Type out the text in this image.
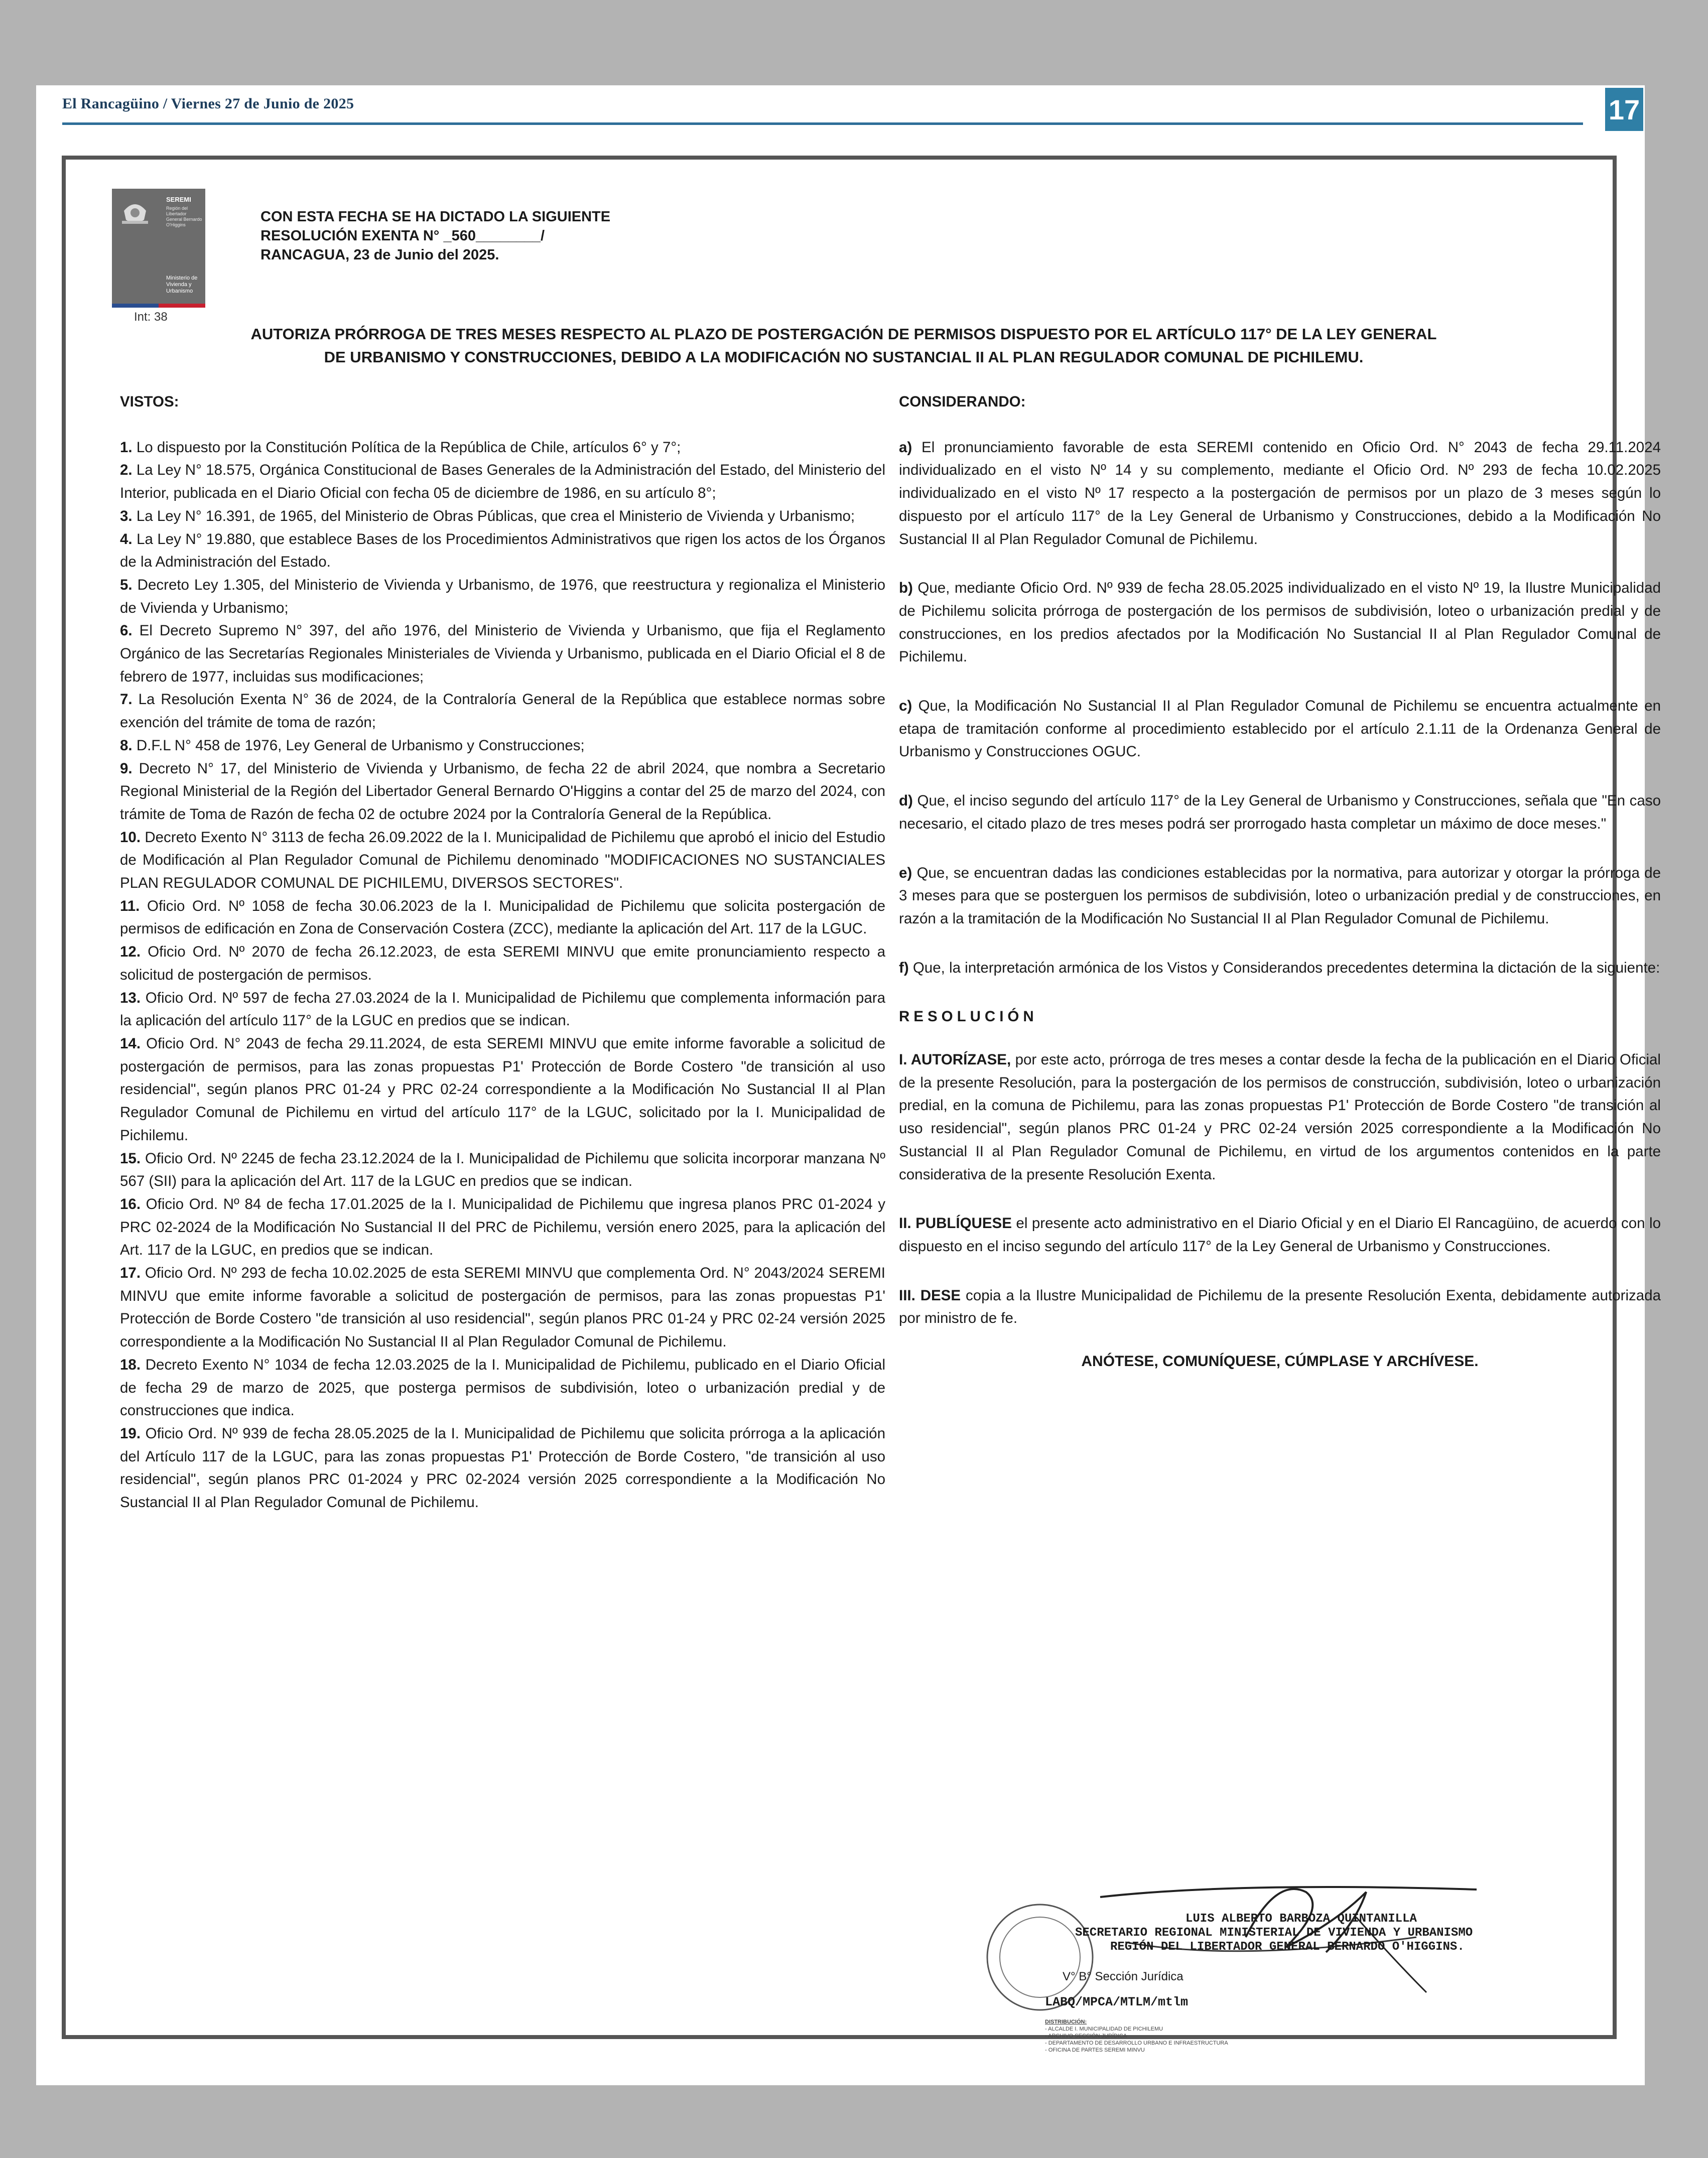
El Rancagüino / Viernes 27 de Junio de 2025	17
SEREMI
Región del Libertador General Bernardo O'Higgins
Ministerio de Vivienda y Urbanismo
Int: 38
CON ESTA FECHA SE HA DICTADO LA SIGUIENTE
RESOLUCIÓN EXENTA N° _560________/
RANCAGUA, 23 de Junio del 2025.
AUTORIZA PRÓRROGA DE TRES MESES RESPECTO AL PLAZO DE POSTERGACIÓN DE PERMISOS DISPUESTO POR EL ARTÍCULO 117° DE LA LEY GENERAL
DE URBANISMO Y CONSTRUCCIONES, DEBIDO A LA MODIFICACIÓN NO SUSTANCIAL II AL PLAN REGULADOR COMUNAL DE PICHILEMU.

VISTOS:

1. Lo dispuesto por la Constitución Política de la República de Chile, artículos 6° y 7°;

2. La Ley N° 18.575, Orgánica Constitucional de Bases Generales de la Administración del Estado, del Ministerio del Interior, publicada en el Diario Oficial con fecha 05 de diciembre de 1986, en su artículo 8°;

3. La Ley N° 16.391, de 1965, del Ministerio de Obras Públicas, que crea el Ministerio de Vivienda y Urbanismo;

4. La Ley N° 19.880, que establece Bases de los Procedimientos Administrativos que rigen los actos de los Órganos de la Administración del Estado.

5. Decreto Ley 1.305, del Ministerio de Vivienda y Urbanismo, de 1976, que reestructura y regionaliza el Ministerio de Vivienda y Urbanismo;

6. El Decreto Supremo N° 397, del año 1976, del Ministerio de Vivienda y Urbanismo, que fija el Reglamento Orgánico de las Secretarías Regionales Ministeriales de Vivienda y Urbanismo, publicada en el Diario Oficial el 8 de febrero de 1977, incluidas sus modificaciones;

7. La Resolución Exenta N° 36 de 2024, de la Contraloría General de la República que establece normas sobre exención del trámite de toma de razón;

8. D.F.L N° 458 de 1976, Ley General de Urbanismo y Construcciones;

9. Decreto N° 17, del Ministerio de Vivienda y Urbanismo, de fecha 22 de abril 2024, que nombra a Secretario Regional Ministerial de la Región del Libertador General Bernardo O'Higgins a contar del 25 de marzo del 2024, con trámite de Toma de Razón de fecha 02 de octubre 2024 por la Contraloría General de la República.

10. Decreto Exento N° 3113 de fecha 26.09.2022 de la I. Municipalidad de Pichilemu que aprobó el inicio del Estudio de Modificación al Plan Regulador Comunal de Pichilemu denominado "MODIFICACIONES NO SUSTANCIALES PLAN REGULADOR COMUNAL DE PICHILEMU, DIVERSOS SECTORES".

11. Oficio Ord. Nº 1058 de fecha 30.06.2023 de la I. Municipalidad de Pichilemu que solicita postergación de permisos de edificación en Zona de Conservación Costera (ZCC), mediante la aplicación del Art. 117 de la LGUC.

12. Oficio Ord. Nº 2070 de fecha 26.12.2023, de esta SEREMI MINVU que emite pronunciamiento respecto a solicitud de postergación de permisos.

13. Oficio Ord. Nº 597 de fecha 27.03.2024 de la I. Municipalidad de Pichilemu que complementa información para la aplicación del artículo 117° de la LGUC en predios que se indican.

14. Oficio Ord. N° 2043 de fecha 29.11.2024, de esta SEREMI MINVU que emite informe favorable a solicitud de postergación de permisos, para las zonas propuestas P1' Protección de Borde Costero "de transición al uso residencial", según planos PRC 01-24 y PRC 02-24 correspondiente a la Modificación No Sustancial II al Plan Regulador Comunal de Pichilemu en virtud del artículo 117° de la LGUC, solicitado por la I. Municipalidad de Pichilemu.

15. Oficio Ord. Nº 2245 de fecha 23.12.2024 de la I. Municipalidad de Pichilemu que solicita incorporar manzana Nº 567 (SII) para la aplicación del Art. 117 de la LGUC en predios que se indican.

16. Oficio Ord. Nº 84 de fecha 17.01.2025 de la I. Municipalidad de Pichilemu que ingresa planos PRC 01-2024 y PRC 02-2024 de la Modificación No Sustancial II del PRC de Pichilemu, versión enero 2025, para la aplicación del Art. 117 de la LGUC, en predios que se indican.

17. Oficio Ord. Nº 293 de fecha 10.02.2025 de esta SEREMI MINVU que complementa Ord. N° 2043/2024 SEREMI MINVU que emite informe favorable a solicitud de postergación de permisos, para las zonas propuestas P1' Protección de Borde Costero "de transición al uso residencial", según planos PRC 01-24 y PRC 02-24 versión 2025 correspondiente a la Modificación No Sustancial II al Plan Regulador Comunal de Pichilemu.

18. Decreto Exento N° 1034 de fecha 12.03.2025 de la I. Municipalidad de Pichilemu, publicado en el Diario Oficial de fecha 29 de marzo de 2025, que posterga permisos de subdivisión, loteo o urbanización predial y de construcciones que indica.

19. Oficio Ord. Nº 939 de fecha 28.05.2025 de la I. Municipalidad de Pichilemu que solicita prórroga a la aplicación del Artículo 117 de la LGUC, para las zonas propuestas P1' Protección de Borde Costero, "de transición al uso residencial", según planos PRC 01-2024 y PRC 02-2024 versión 2025 correspondiente a la Modificación No Sustancial II al Plan Regulador Comunal de Pichilemu.

CONSIDERANDO:

a) El pronunciamiento favorable de esta SEREMI contenido en Oficio Ord. N° 2043 de fecha 29.11.2024 individualizado en el visto Nº 14 y su complemento, mediante el Oficio Ord. Nº 293 de fecha 10.02.2025 individualizado en el visto Nº 17 respecto a la postergación de permisos por un plazo de 3 meses según lo dispuesto por el artículo 117° de la Ley General de Urbanismo y Construcciones, debido a la Modificación No Sustancial II al Plan Regulador Comunal de Pichilemu.

b) Que, mediante Oficio Ord. Nº 939 de fecha 28.05.2025 individualizado en el visto Nº 19, la Ilustre Municipalidad de Pichilemu solicita prórroga de postergación de los permisos de subdivisión, loteo o urbanización predial y de construcciones, en los predios afectados por la Modificación No Sustancial II al Plan Regulador Comunal de Pichilemu.

c) Que, la Modificación No Sustancial II al Plan Regulador Comunal de Pichilemu se encuentra actualmente en etapa de tramitación conforme al procedimiento establecido por el artículo 2.1.11 de la Ordenanza General de Urbanismo y Construcciones OGUC.

d) Que, el inciso segundo del artículo 117° de la Ley General de Urbanismo y Construcciones, señala que "En caso necesario, el citado plazo de tres meses podrá ser prorrogado hasta completar un máximo de doce meses."

e) Que, se encuentran dadas las condiciones establecidas por la normativa, para autorizar y otorgar la prórroga de 3 meses para que se posterguen los permisos de subdivisión, loteo o urbanización predial y de construcciones, en razón a la tramitación de la Modificación No Sustancial II al Plan Regulador Comunal de Pichilemu.

f) Que, la interpretación armónica de los Vistos y Considerandos precedentes determina la dictación de la siguiente:

RESOLUCIÓN

I. AUTORÍZASE, por este acto, prórroga de tres meses a contar desde la fecha de la publicación en el Diario Oficial de la presente Resolución, para la postergación de los permisos de construcción, subdivisión, loteo o urbanización predial, en la comuna de Pichilemu, para las zonas propuestas P1' Protección de Borde Costero "de transición al uso residencial", según planos PRC 01-24 y PRC 02-24 versión 2025 correspondiente a la Modificación No Sustancial II al Plan Regulador Comunal de Pichilemu, en virtud de los argumentos contenidos en la parte considerativa de la presente Resolución Exenta.

II. PUBLÍQUESE el presente acto administrativo en el Diario Oficial y en el Diario El Rancagüino, de acuerdo con lo dispuesto en el inciso segundo del artículo 117° de la Ley General de Urbanismo y Construcciones.

III. DESE copia a la Ilustre Municipalidad de Pichilemu de la presente Resolución Exenta, debidamente autorizada por ministro de fe.

ANÓTESE, COMUNÍQUESE, CÚMPLASE Y ARCHÍVESE.

LUIS ALBERTO BARBOZA QUINTANILLA
SECRETARIO REGIONAL MINISTERIAL DE VIVIENDA Y URBANISMO
REGIÓN DEL LIBERTADOR GENERAL BERNARDO O'HIGGINS.
V° B° Sección Jurídica
LABQ/MPCA/MTLM/mtlm
DISTRIBUCIÓN:
- ALCALDE I. MUNICIPALIDAD DE PICHILEMU
- ARCHIVO SECCIÓN JURÍDICA
- DEPARTAMENTO DE DESARROLLO URBANO E INFRAESTRUCTURA
- OFICINA DE PARTES SEREMI MINVU
